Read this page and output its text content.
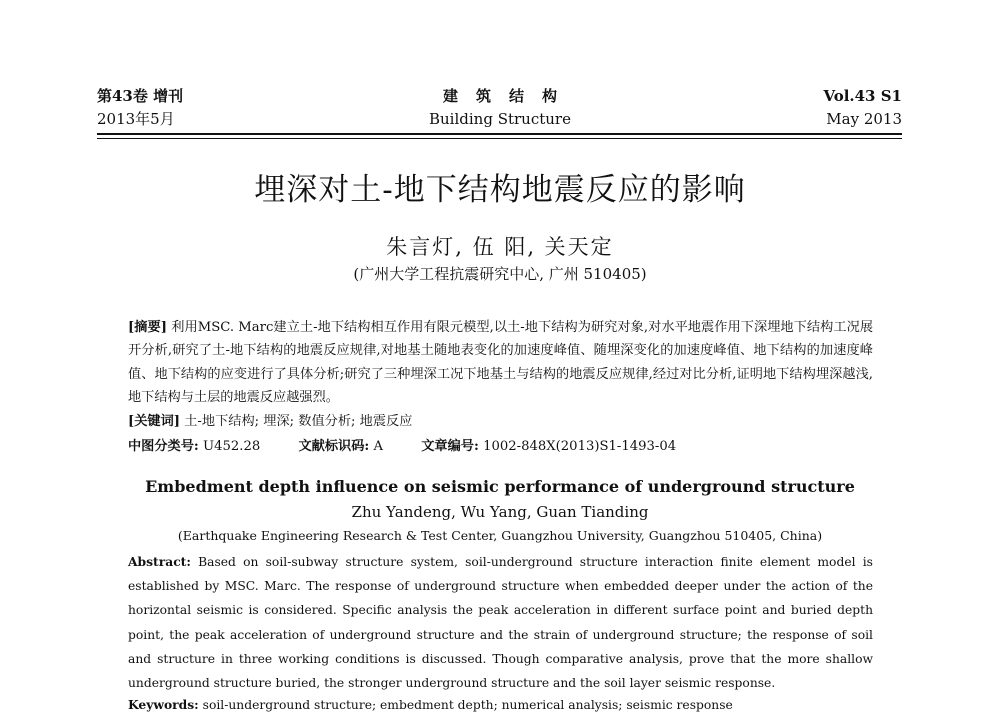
第43卷 增刊
2013年5月
建筑结构
Building Structure
Vol.43 S1
May 2013
埋深对土-地下结构地震反应的影响
朱言灯, 伍 阳, 关天定
(广州大学工程抗震研究中心, 广州 510405)
[摘要] 利用MSC. Marc建立土-地下结构相互作用有限元模型,以土-地下结构为研究对象,对水平地震作用下深埋地下结构工况展开分析,研究了土-地下结构的地震反应规律,对地基土随地表变化的加速度峰值、随埋深变化的加速度峰值、地下结构的加速度峰值、地下结构的应变进行了具体分析;研究了三种埋深工况下地基土与结构的地震反应规律,经过对比分析,证明地下结构埋深越浅,地下结构与土层的地震反应越强烈。
[关键词] 土-地下结构; 埋深; 数值分析; 地震反应
中图分类号: U452.28	文献标识码: A	文章编号: 1002-848X(2013)S1-1493-04
Embedment depth influence on seismic performance of underground structure
Zhu Yandeng, Wu Yang, Guan Tianding
(Earthquake Engineering Research & Test Center, Guangzhou University, Guangzhou 510405, China)
Abstract: Based on soil-subway structure system, soil-underground structure interaction finite element model is established by MSC. Marc. The response of underground structure when embedded deeper under the action of the horizontal seismic is considered. Specific analysis the peak acceleration in different surface point and buried depth point, the peak acceleration of underground structure and the strain of underground structure; the response of soil and structure in three working conditions is discussed. Though comparative analysis, prove that the more shallow underground structure buried, the stronger underground structure and the soil layer seismic response.
Keywords: soil-underground structure; embedment depth; numerical analysis; seismic response
